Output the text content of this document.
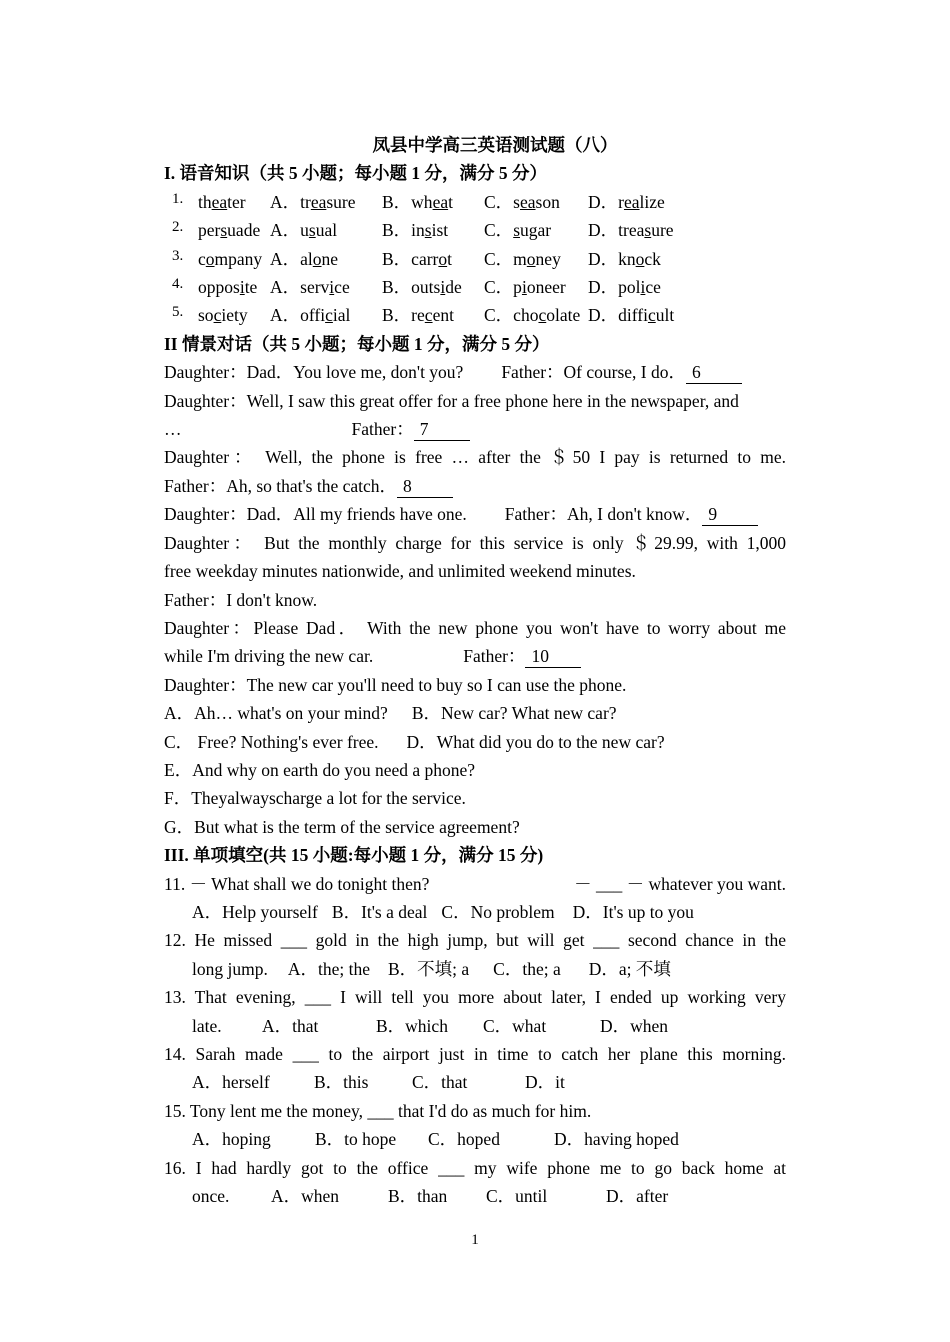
凤县中学高三英语测试题（八）
I. 语音知识（共 5 小题；每小题 1 分，满分 5 分）
1. theater A．treasure B．wheat C．season D．realize
2. persuade A．usual	B．insist C．sugar D．treasure
3. company A．alone	B．carrot C．money D．knock
4. opposite A．service B．outside C．pioneer D．police
5. society A．official B．recent C．chocolate D．difficult
II 情景对话（共 5 小题；每小题 1 分，满分 5 分）
Daughter：Dad．You love me, don't you? Father：Of course, I do． 6
Daughter：Well, I saw this great offer for a free phone here in the newspaper, and
…	Father： 7
Daughter： Well, the phone is free … after the ＄50 I pay is returned to me.
Father：Ah, so that's the catch． 8
Daughter：Dad．All my friends have one. Father：Ah, I don't know． 9
Daughter： But the monthly charge for this service is only ＄29.99, with 1,000
free weekday minutes nationwide, and unlimited weekend minutes.
Father：I don't know.
Daughter：Please Dad． With the new phone you won't have to worry about me
while I'm driving the new car.	Father： 10
Daughter：The new car you'll need to buy so I can use the phone.
A．Ah… what's on your mind? B．New car? What new car?
C． Free? Nothing's ever free. D．What did you do to the new car?
E．And why on earth do you need a phone?
F．Theyalwayscharge a lot for the service.
G．But what is the term of the service agreement?
III. 单项填空(共 15 小题:每小题 1 分，满分 15 分)
11. － What shall we do tonight then?	－ ___ － whatever you want.
A．Help yourself B．It's a deal C．No problem D．It's up to you
12. He missed ___ gold in the high jump, but will get ___ second chance in the
long jump. A．the; the B．不填; a C．the; a D．a; 不填
13. That evening, ___ I will tell you more about later, I ended up working very
late. A．that	B．which C．what	D．when
14. Sarah made ___ to the airport just in time to catch her plane this morning.
A．herself	B．this C．that	D．it
15. Tony lent me the money, ___ that I'd do as much for him.
A．hoping	B．to hope C．hoped	D．having hoped
16. I had hardly got to the office ___ my wife phone me to go back home at
once. A．when	B．than C．until	D．after
1
